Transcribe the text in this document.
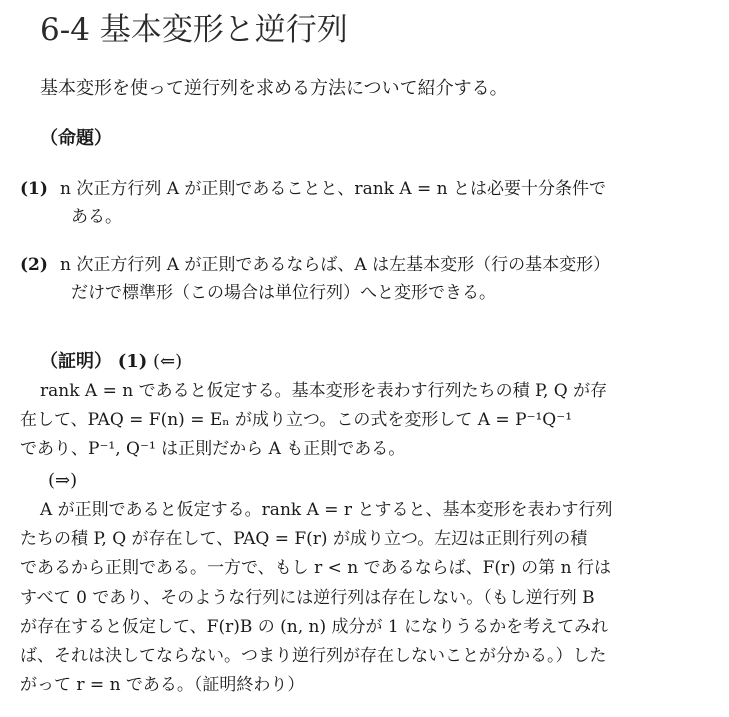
6-4 基本変形と逆行列
基本変形を使って逆行列を求める方法について紹介する。
（命題）
(1) n 次正方行列 A が正則であることと、rank A = n とは必要十分条件で
ある。
(2) n 次正方行列 A が正則であるならば、A は左基本変形（行の基本変形）
だけで標準形（この場合は単位行列）へと変形できる。
（証明） (1) (⇐)
rank A = n であると仮定する。基本変形を表わす行列たちの積 P, Q が存
在して、PAQ = F(n) = Eₙ が成り立つ。この式を変形して A = P⁻¹Q⁻¹
であり、P⁻¹, Q⁻¹ は正則だから A も正則である。
(⇒)
A が正則であると仮定する。rank A = r とすると、基本変形を表わす行列
たちの積 P, Q が存在して、PAQ = F(r) が成り立つ。左辺は正則行列の積
であるから正則である。一方で、もし r < n であるならば、F(r) の第 n 行は
すべて 0 であり、そのような行列には逆行列は存在しない。（もし逆行列 B
が存在すると仮定して、F(r)B の (n, n) 成分が 1 になりうるかを考えてみれ
ば、それは決してならない。つまり逆行列が存在しないことが分かる。）した
がって r = n である。（証明終わり）
